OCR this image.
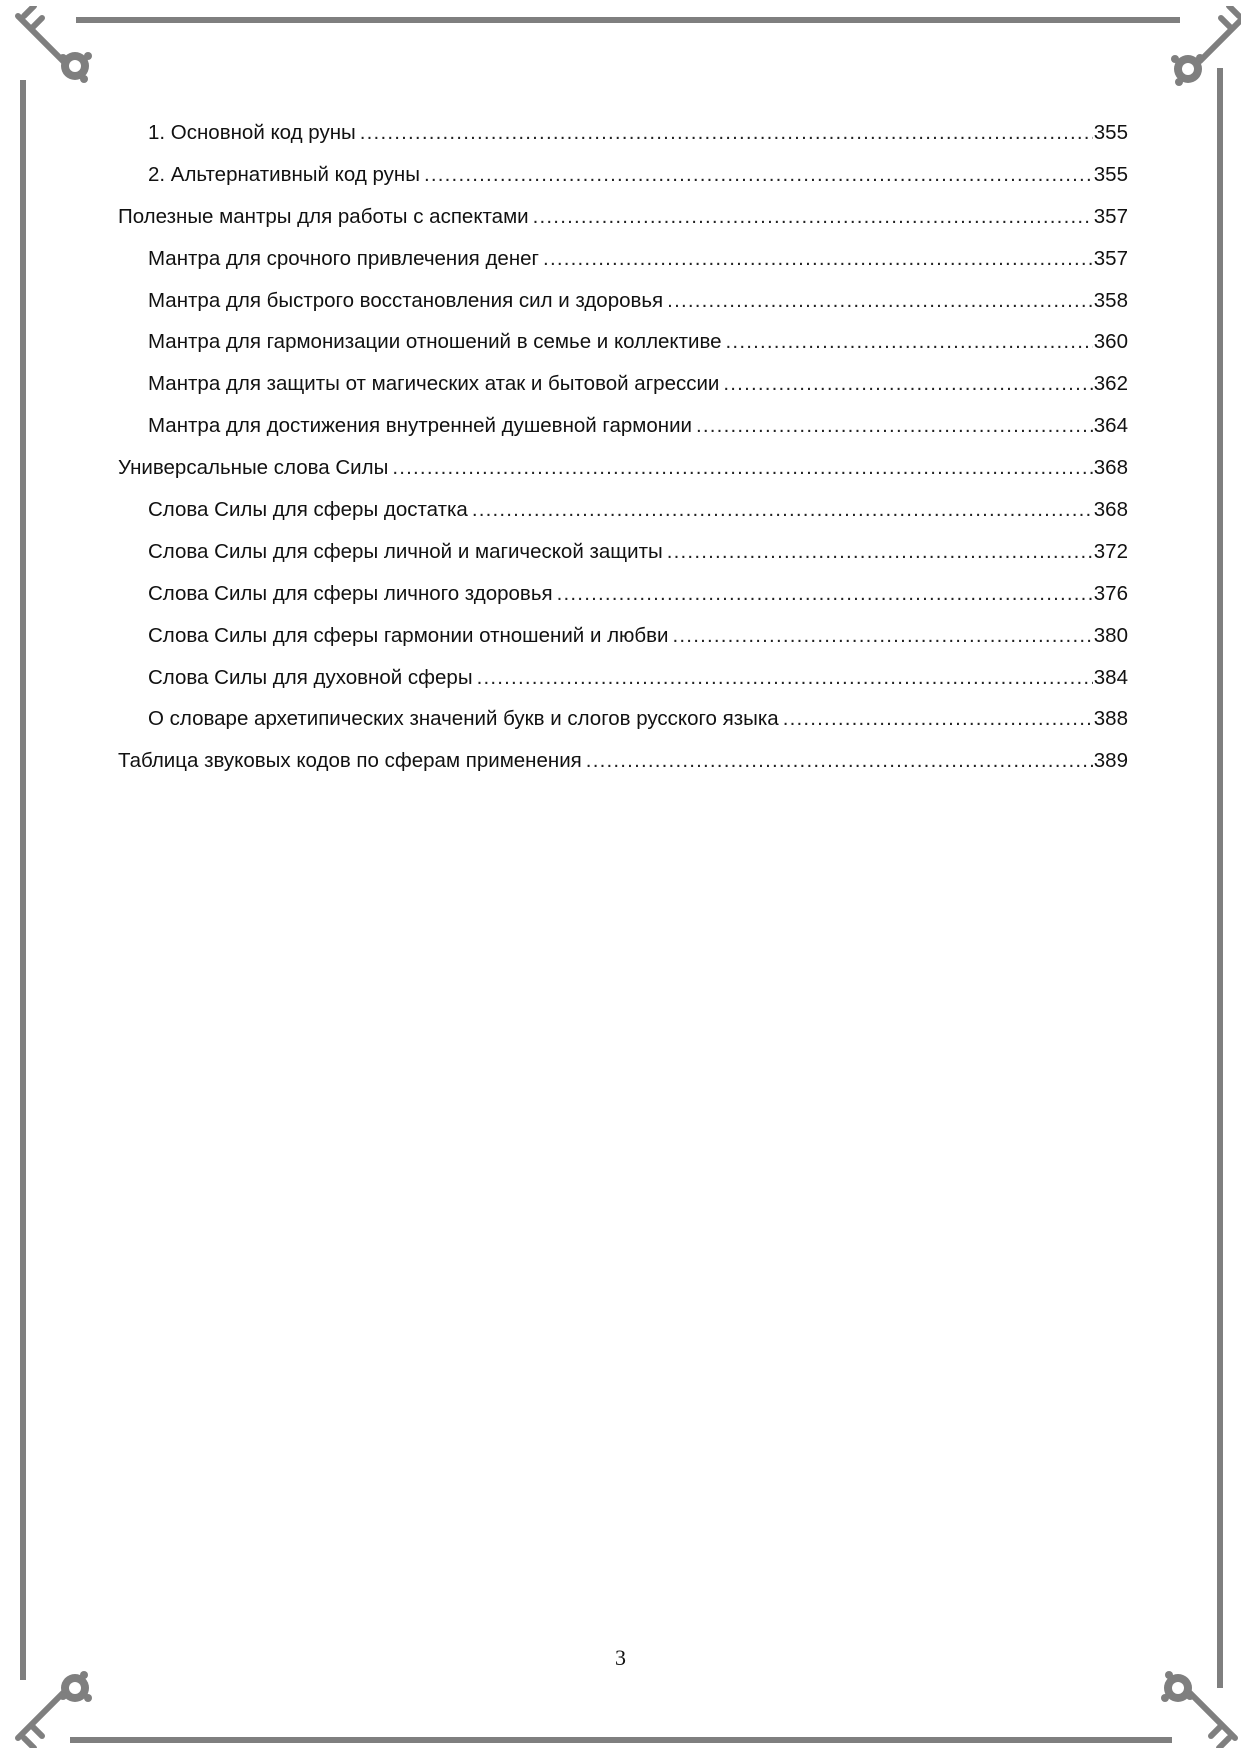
1. Основной код руны .....	355
2. Альтернативный код руны .....	355
Полезные мантры для работы с аспектами .....	357
Мантра для срочного привлечения денег .....	357
Мантра для быстрого восстановления сил и здоровья .....	358
Мантра для гармонизации отношений в семье и коллективе .....	360
Мантра для защиты от магических атак и бытовой агрессии .....	362
Мантра для достижения внутренней душевной гармонии .....	364
Универсальные слова Силы .....	368
Слова Силы для сферы достатка .....	368
Слова Силы для сферы личной и магической защиты .....	372
Слова Силы для сферы личного здоровья .....	376
Слова Силы для сферы гармонии отношений и любви .....	380
Слова Силы для духовной сферы .....	384
О словаре архетипических значений букв и слогов русского языка .....	388
Таблица звуковых кодов по сферам применения .....	389
3
